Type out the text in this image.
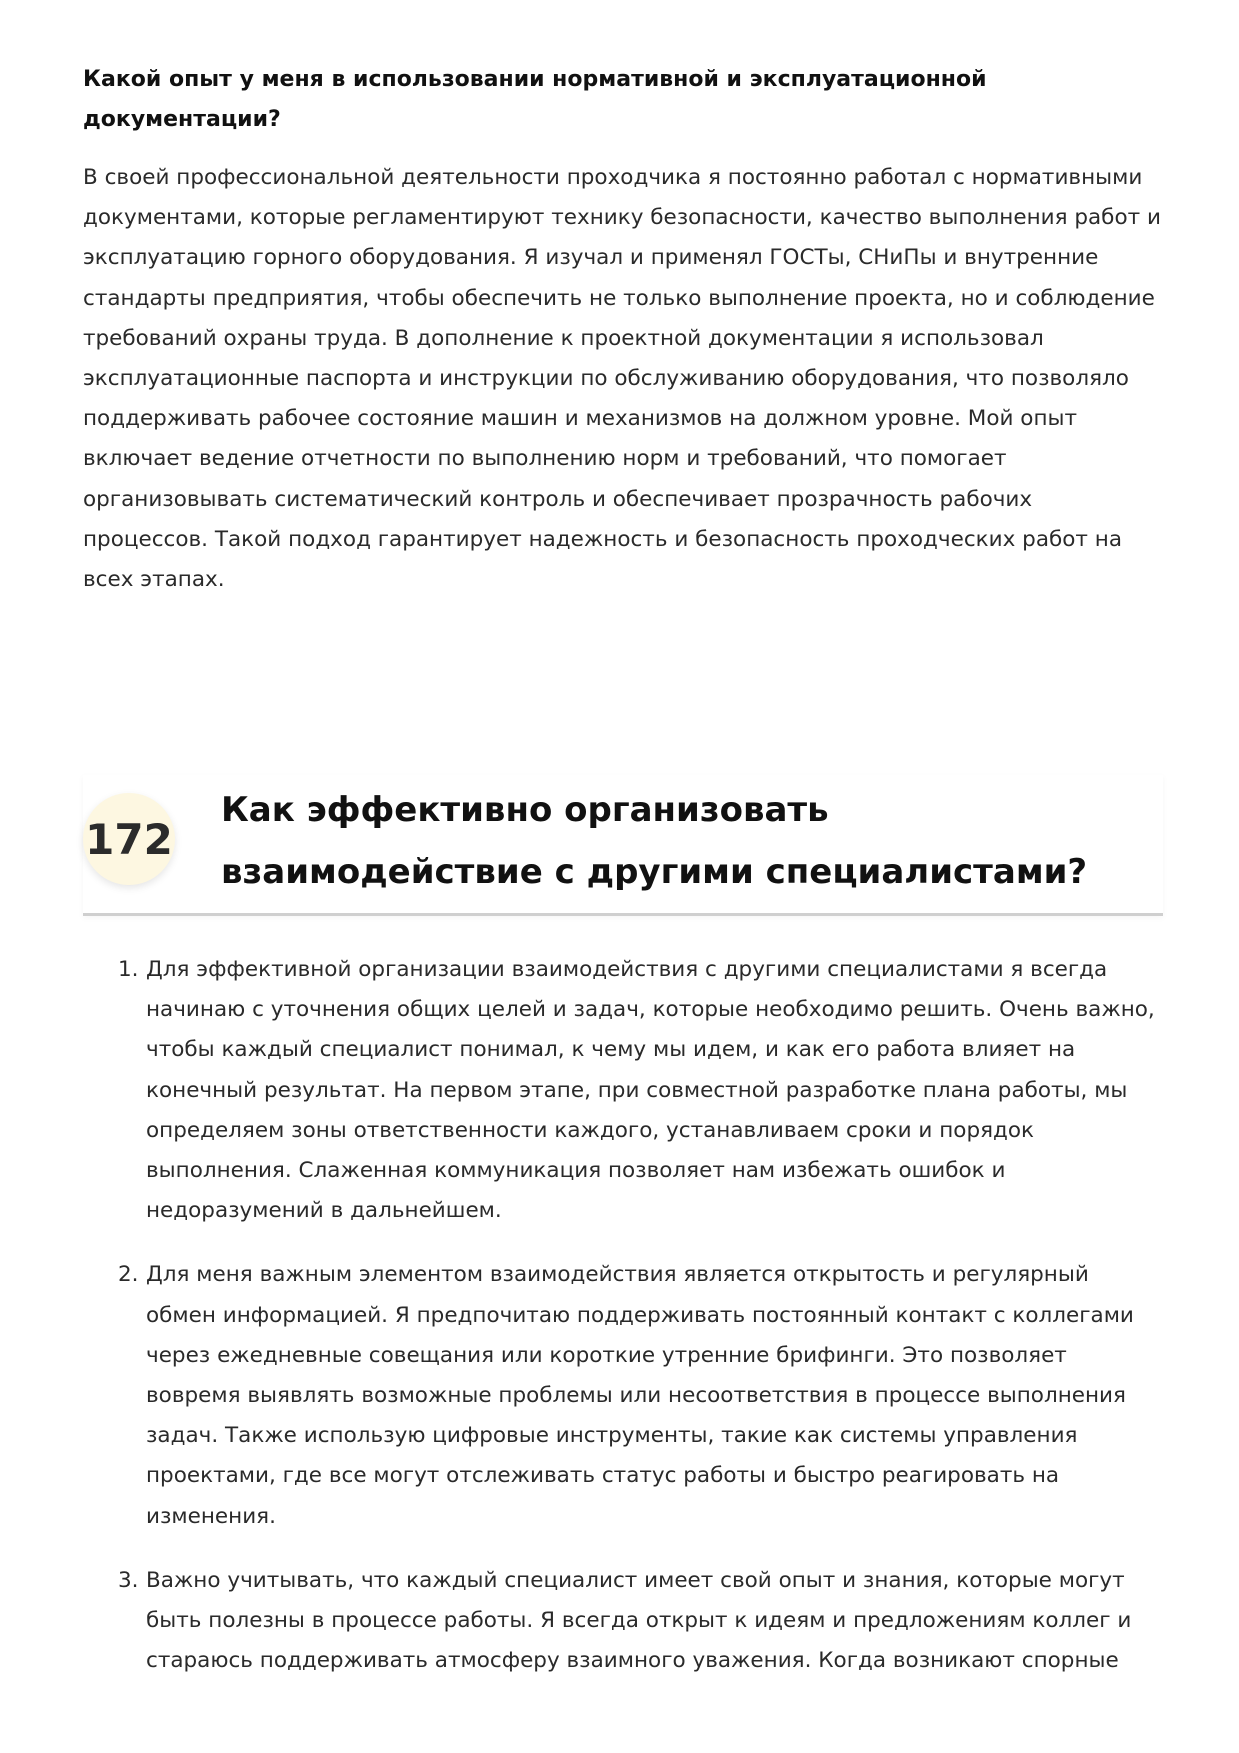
Какой опыт у меня в использовании нормативной и эксплуатационной документации?

В своей профессиональной деятельности проходчика я постоянно работал с нормативными документами, которые регламентируют технику безопасности, качество выполнения работ и эксплуатацию горного оборудования. Я изучал и применял ГОСТы, СНиПы и внутренние стандарты предприятия, чтобы обеспечить не только выполнение проекта, но и соблюдение требований охраны труда. В дополнение к проектной документации я использовал эксплуатационные паспорта и инструкции по обслуживанию оборудования, что позволяло поддерживать рабочее состояние машин и механизмов на должном уровне. Мой опыт включает ведение отчетности по выполнению норм и требований, что помогает организовывать систематический контроль и обеспечивает прозрачность рабочих процессов. Такой подход гарантирует надежность и безопасность проходческих работ на всех этапах.

172
Как эффективно организовать взаимодействие с другими специалистами?
1. Для эффективной организации взаимодействия с другими специалистами я всегда начинаю с уточнения общих целей и задач, которые необходимо решить. Очень важно, чтобы каждый специалист понимал, к чему мы идем, и как его работа влияет на конечный результат. На первом этапе, при совместной разработке плана работы, мы определяем зоны ответственности каждого, устанавливаем сроки и порядок выполнения. Слаженная коммуникация позволяет нам избежать ошибок и недоразумений в дальнейшем.
2. Для меня важным элементом взаимодействия является открытость и регулярный обмен информацией. Я предпочитаю поддерживать постоянный контакт с коллегами через ежедневные совещания или короткие утренние брифинги. Это позволяет вовремя выявлять возможные проблемы или несоответствия в процессе выполнения задач. Также использую цифровые инструменты, такие как системы управления проектами, где все могут отслеживать статус работы и быстро реагировать на изменения.
3. Важно учитывать, что каждый специалист имеет свой опыт и знания, которые могут быть полезны в процессе работы. Я всегда открыт к идеям и предложениям коллег и стараюсь поддерживать атмосферу взаимного уважения. Когда возникают спорные
